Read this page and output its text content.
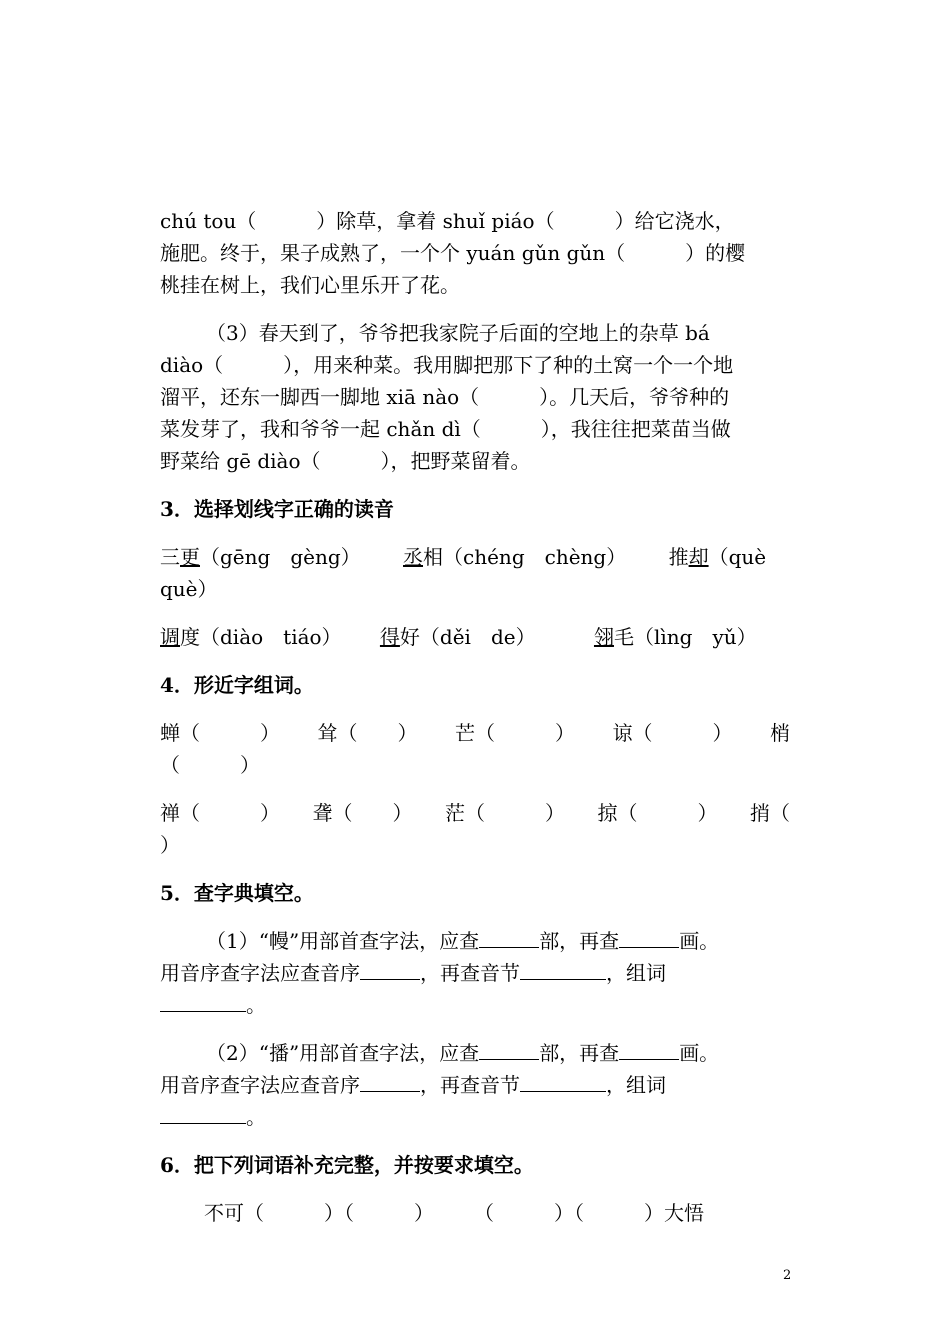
chú tou（　　　）除草，拿着 shuǐ piáo（　　　）给它浇水，
施肥。终于，果子成熟了，一个个 yuán gǔn gǔn（　　　）的樱
桃挂在树上，我们心里乐开了花。
（3）春天到了，爷爷把我家院子后面的空地上的杂草 bá
diào（　　　），用来种菜。我用脚把那下了种的土窝一个一个地
溜平，还东一脚西一脚地 xiā nào（　　　）。几天后，爷爷种的
菜发芽了，我和爷爷一起 chǎn dì（　　　），我往往把菜苗当做
野菜给 gē diào（　　　），把野菜留着。
3．选择划线字正确的读音
三更（gēng　gèng） 丞相（chéng　chèng） 推却（què
què）
调度（diào　tiáo） 得好（děi　de）	翎毛（lìng　yǔ）
4．形近字组词。
蝉（　　　） 耸（　　） 芒（　　　） 谅（　　　） 梢
（　　　）
禅（　　　） 聋（　　） 茫（　　　） 掠（　　　） 捎（
）
5．查字典填空。
（1）“幔”用部首查字法，应查	部，再查	画。
用音序查字法应查音序	，再查音节	，组词
。
（2）“播”用部首查字法，应查	部，再查	画。
用音序查字法应查音序	，再查音节	，组词
。
6．把下列词语补充完整，并按要求填空。
不可（　　　）（　　　）　　　（　　　）（　　　）大悟
2
